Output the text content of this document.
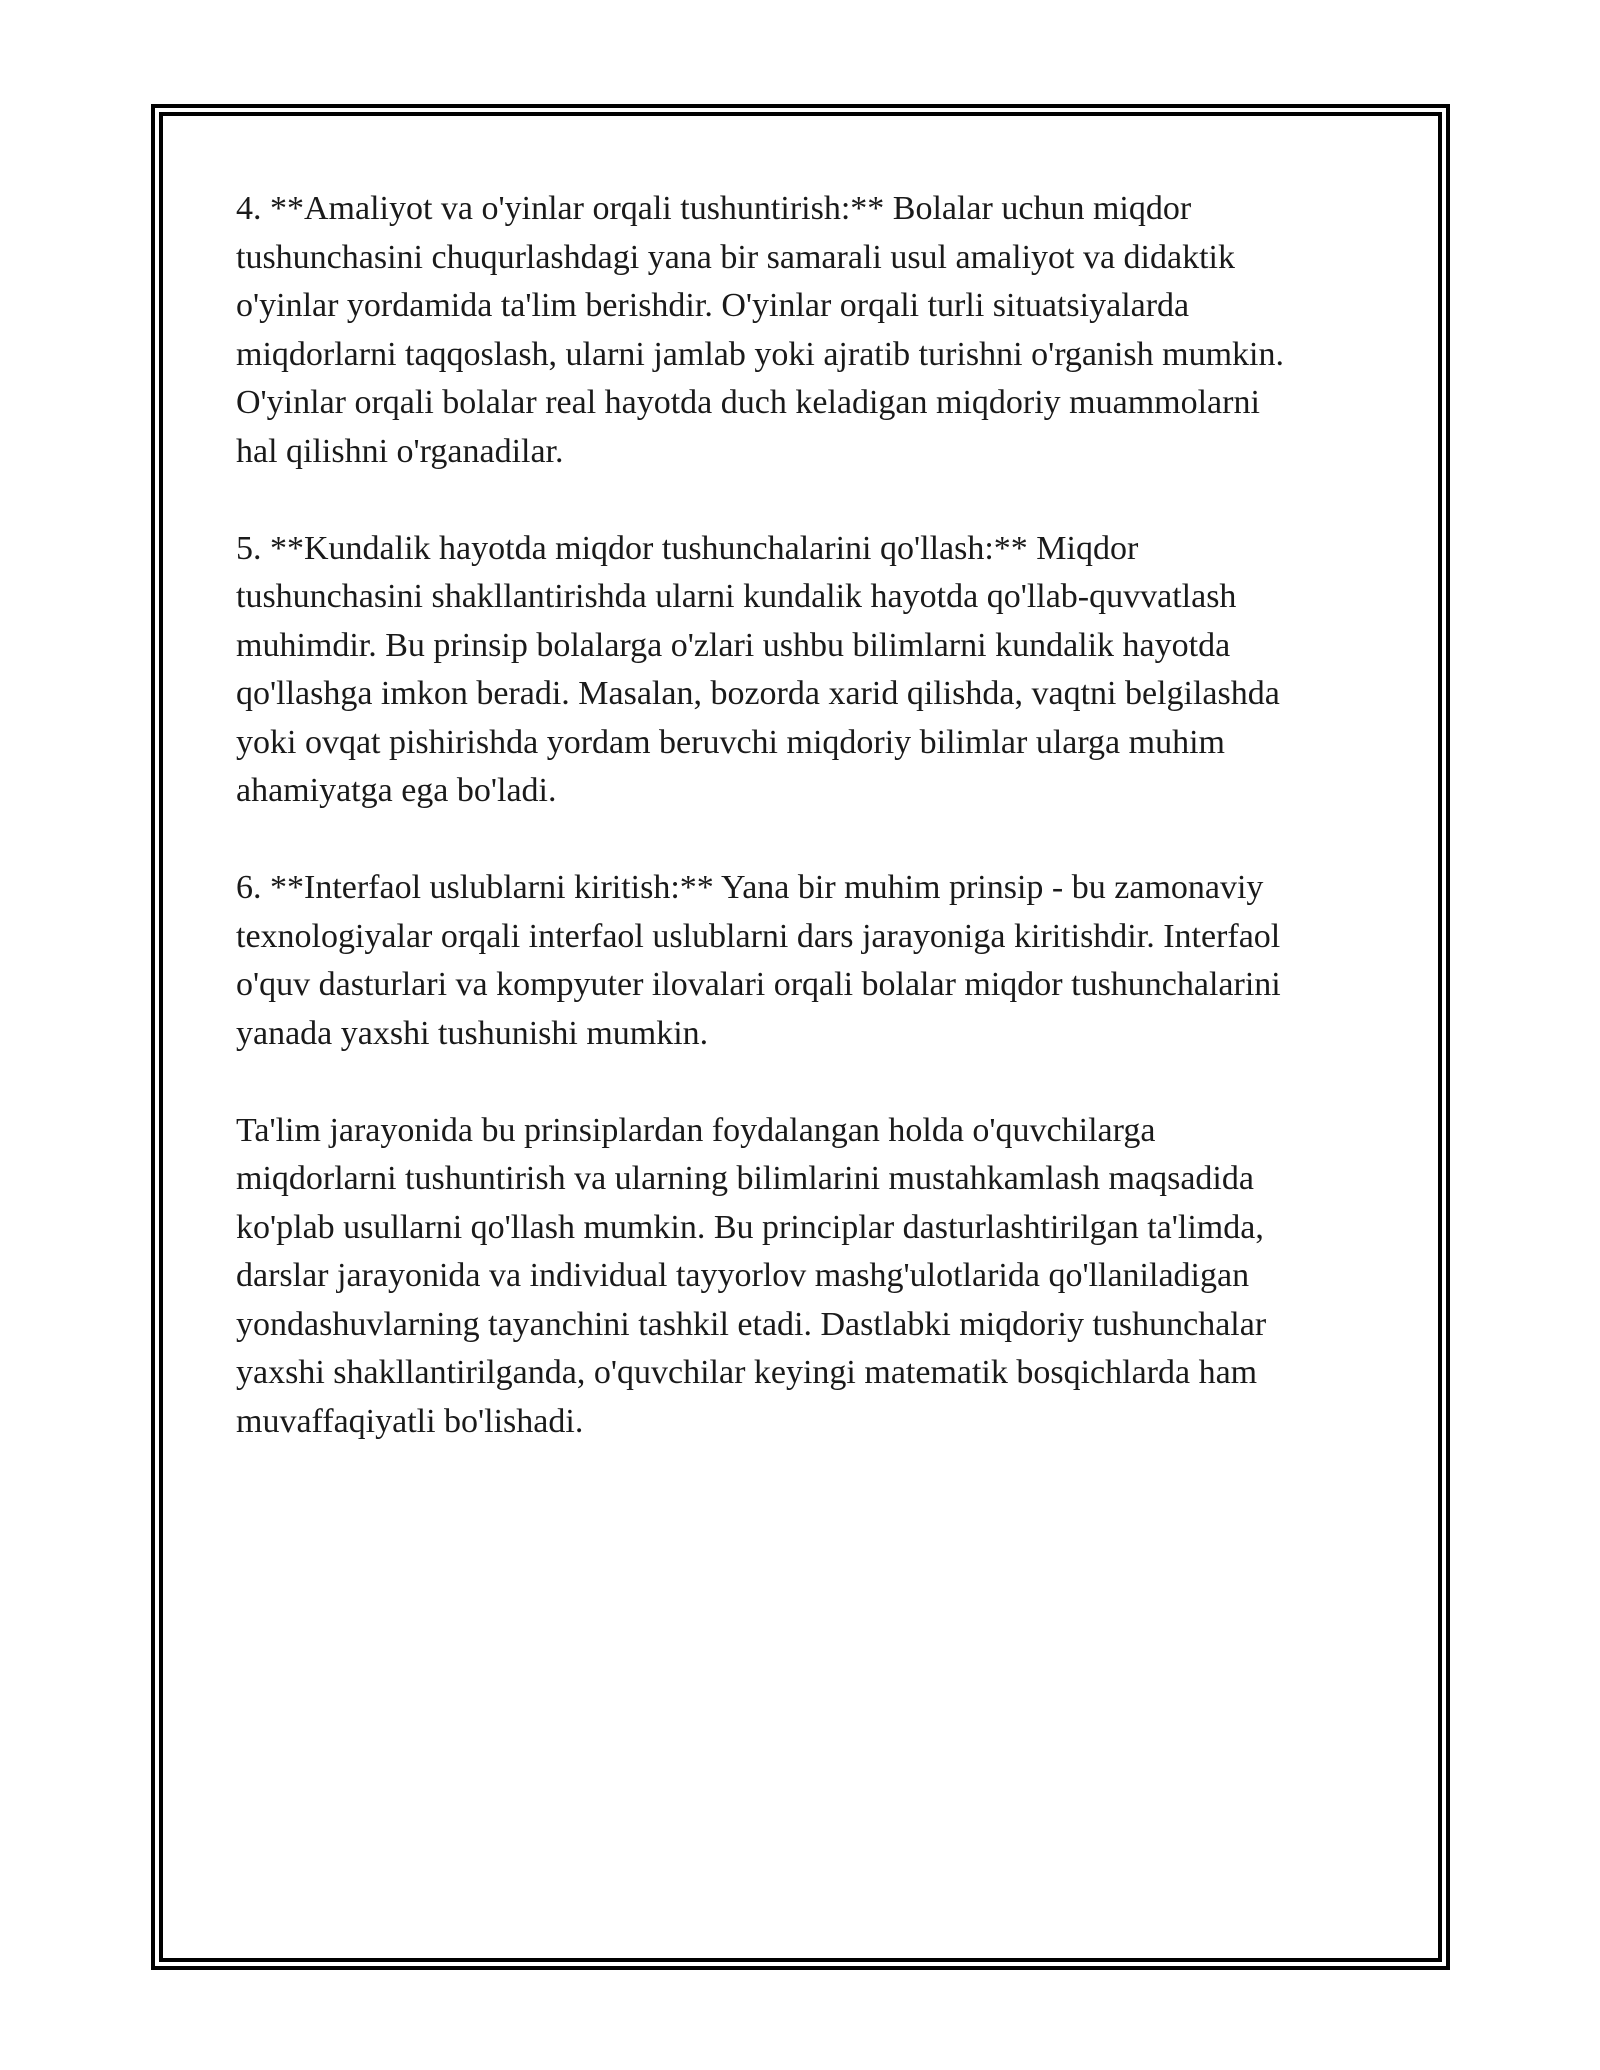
4. **Amaliyot va o'yinlar orqali tushuntirish:** Bolalar uchun miqdor
tushunchasini chuqurlashdagi yana bir samarali usul amaliyot va didaktik
o'yinlar yordamida ta'lim berishdir. O'yinlar orqali turli situatsiyalarda
miqdorlarni taqqoslash, ularni jamlab yoki ajratib turishni o'rganish mumkin.
O'yinlar orqali bolalar real hayotda duch keladigan miqdoriy muammolarni
hal qilishni o'rganadilar.

5. **Kundalik hayotda miqdor tushunchalarini qo'llash:** Miqdor
tushunchasini shakllantirishda ularni kundalik hayotda qo'llab-quvvatlash
muhimdir. Bu prinsip bolalarga o'zlari ushbu bilimlarni kundalik hayotda
qo'llashga imkon beradi. Masalan, bozorda xarid qilishda, vaqtni belgilashda
yoki ovqat pishirishda yordam beruvchi miqdoriy bilimlar ularga muhim
ahamiyatga ega bo'ladi.

6. **Interfaol uslublarni kiritish:** Yana bir muhim prinsip - bu zamonaviy
texnologiyalar orqali interfaol uslublarni dars jarayoniga kiritishdir. Interfaol
o'quv dasturlari va kompyuter ilovalari orqali bolalar miqdor tushunchalarini
yanada yaxshi tushunishi mumkin.

Ta'lim jarayonida bu prinsiplardan foydalangan holda o'quvchilarga
miqdorlarni tushuntirish va ularning bilimlarini mustahkamlash maqsadida
ko'plab usullarni qo'llash mumkin. Bu principlar dasturlashtirilgan ta'limda,
darslar jarayonida va individual tayyorlov mashg'ulotlarida qo'llaniladigan
yondashuvlarning tayanchini tashkil etadi. Dastlabki miqdoriy tushunchalar
yaxshi shakllantirilganda, o'quvchilar keyingi matematik bosqichlarda ham
muvaffaqiyatli bo'lishadi.
